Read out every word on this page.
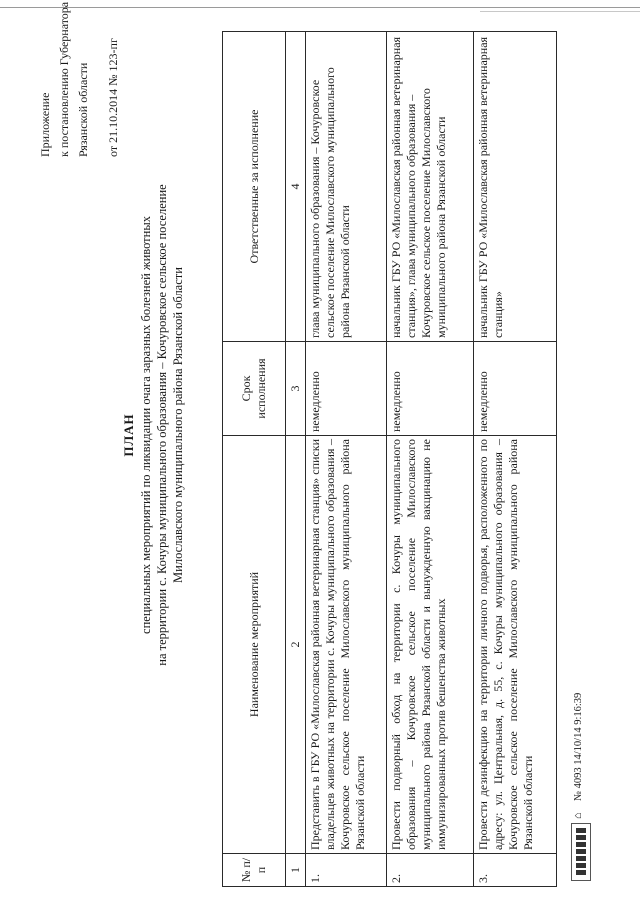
Приложение к постановлению Губернатора
Рязанской области от 21.10.2014 № 123-пг
ПЛАН специальных мероприятий по ликвидации очага заразных болезней животных на территории с. Кочуры муниципального образования – Кочуровское сельское поселение Милославского муниципального района Рязанской области
№ п/п	Наименование мероприятий	Срок исполнения	Ответственные за исполнение
1	2	3	4
1.	Представить в ГБУ РО «Милославская районная ветеринарная станция» списки владельцев животных на территории с. Кочуры муниципального образования – Кочуровское сельское поселение Милославского муниципального района Рязанской области	немедленно	глава муниципального образования – Кочуровское сельское поселение Милославского муниципального района Рязанской области
2.	Провести подворный обход на территории с. Кочуры муниципального образования – Кочуровское сельское поселение Милославского муниципального района Рязанской области и вынужденную вакцинацию не иммунизированных против бешенства животных	немедленно	начальник ГБУ РО «Милославская районная ветеринарная станция», глава муниципального образования – Кочуровское сельское поселение Милославского муниципального района Рязанской области
3.	Провести дезинфекцию на территории личного подворья, расположенного по адресу: ул. Центральная, д. 55, с. Кочуры муниципального образования – Кочуровское сельское поселение Милославского муниципального района Рязанской области	немедленно	начальник ГБУ РО «Милославская районная ветеринарная станция»
⌂
№ 4093 14/10/14 9:16:39
